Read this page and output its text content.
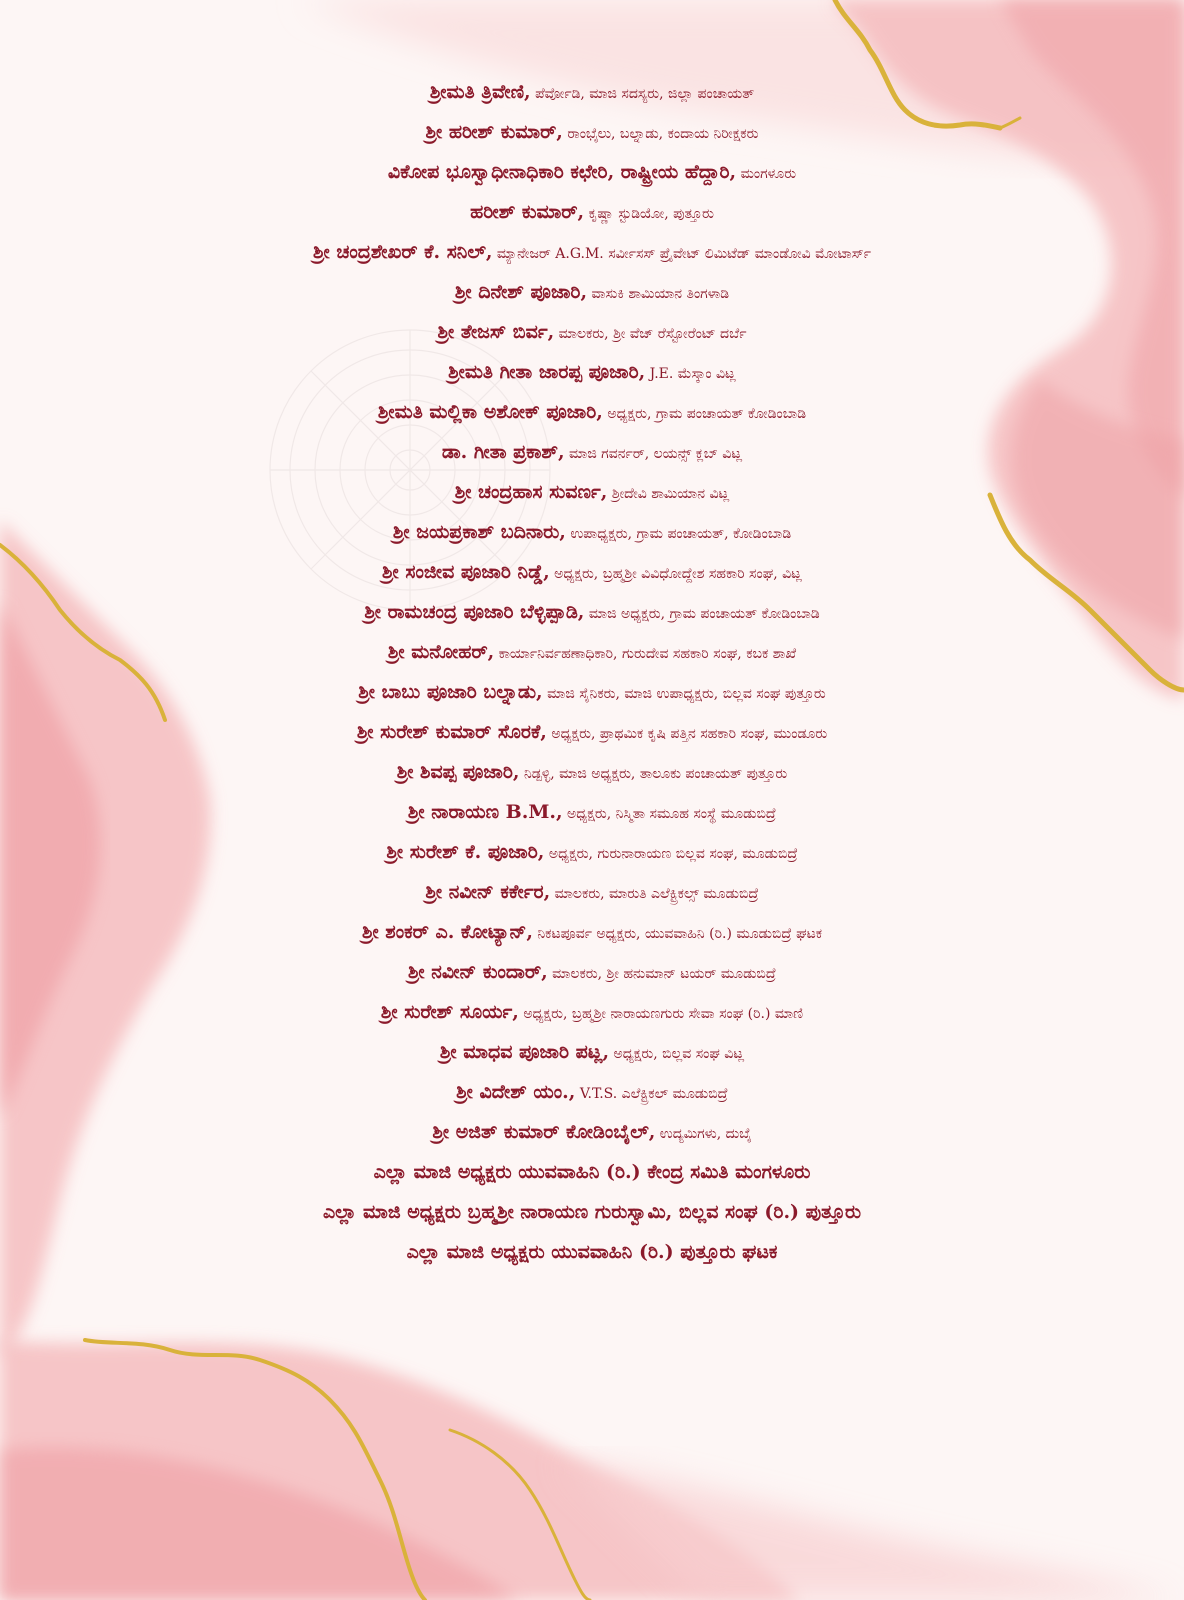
ಶ್ರೀಮತಿ ತ್ರಿವೇಣಿ, ಪೆರ್ವೋಡಿ, ಮಾಜಿ ಸದಸ್ಯರು, ಜಿಲ್ಲಾ ಪಂಚಾಯತ್
ಶ್ರೀ ಹರೀಶ್ ಕುಮಾರ್, ರಾಂಭೈಲು, ಬಲ್ನಾಡು, ಕಂದಾಯ ನಿರೀಕ್ಷಕರು
ವಿಕೋಪ ಭೂಸ್ವಾಧೀನಾಧಿಕಾರಿ ಕಛೇರಿ, ರಾಷ್ಟ್ರೀಯ ಹೆದ್ದಾರಿ, ಮಂಗಳೂರು
ಹರೀಶ್ ಕುಮಾರ್, ಕೃಷ್ಣಾ ಸ್ಟುಡಿಯೋ, ಪುತ್ತೂರು
ಶ್ರೀ ಚಂದ್ರಶೇಖರ್ ಕೆ. ಸನಿಲ್, ಮ್ಯಾನೇಜರ್ A.G.M. ಸರ್ವೀಸಸ್ ಪ್ರೈವೇಟ್ ಲಿಮಿಟೆಡ್ ಮಾಂಡೋವಿ ಮೋಟಾರ್ಸ್
ಶ್ರೀ ದಿನೇಶ್ ಪೂಜಾರಿ, ವಾಸುಕಿ ಶಾಮಿಯಾನ ತಿಂಗಳಾಡಿ
ಶ್ರೀ ತೇಜಸ್ ಬಿರ್ವ, ಮಾಲಕರು, ಶ್ರೀ ವೆಜ್ ರೆಸ್ಟೋರೆಂಟ್ ದರ್ಬೆ
ಶ್ರೀಮತಿ ಗೀತಾ ಜಾರಪ್ಪ ಪೂಜಾರಿ, J.E. ಮೆಸ್ಕಾಂ ವಿಟ್ಲ
ಶ್ರೀಮತಿ ಮಲ್ಲಿಕಾ ಅಶೋಕ್ ಪೂಜಾರಿ, ಅಧ್ಯಕ್ಷರು, ಗ್ರಾಮ ಪಂಚಾಯತ್ ಕೋಡಿಂಬಾಡಿ
ಡಾ. ಗೀತಾ ಪ್ರಕಾಶ್, ಮಾಜಿ ಗವರ್ನರ್, ಲಯನ್ಸ್ ಕ್ಲಬ್ ವಿಟ್ಲ
ಶ್ರೀ ಚಂದ್ರಹಾಸ ಸುವರ್ಣ, ಶ್ರೀದೇವಿ ಶಾಮಿಯಾನ ವಿಟ್ಲ
ಶ್ರೀ ಜಯಪ್ರಕಾಶ್ ಬದಿನಾರು, ಉಪಾಧ್ಯಕ್ಷರು, ಗ್ರಾಮ ಪಂಚಾಯತ್, ಕೋಡಿಂಬಾಡಿ
ಶ್ರೀ ಸಂಜೀವ ಪೂಜಾರಿ ನಿಡ್ಡೆ, ಅಧ್ಯಕ್ಷರು, ಬ್ರಹ್ಮಶ್ರೀ ವಿವಿಧೋದ್ದೇಶ ಸಹಕಾರಿ ಸಂಘ, ವಿಟ್ಲ
ಶ್ರೀ ರಾಮಚಂದ್ರ ಪೂಜಾರಿ ಬೆಳ್ಳಿಪ್ಪಾಡಿ, ಮಾಜಿ ಅಧ್ಯಕ್ಷರು, ಗ್ರಾಮ ಪಂಚಾಯತ್ ಕೋಡಿಂಬಾಡಿ
ಶ್ರೀ ಮನೋಹರ್, ಕಾರ್ಯಾನಿರ್ವಹಣಾಧಿಕಾರಿ, ಗುರುದೇವ ಸಹಕಾರಿ ಸಂಘ, ಕಬಕ ಶಾಖೆ
ಶ್ರೀ ಬಾಬು ಪೂಜಾರಿ ಬಲ್ನಾಡು, ಮಾಜಿ ಸೈನಿಕರು, ಮಾಜಿ ಉಪಾಧ್ಯಕ್ಷರು, ಬಿಲ್ಲವ ಸಂಘ ಪುತ್ತೂರು
ಶ್ರೀ ಸುರೇಶ್ ಕುಮಾರ್ ಸೊರಕೆ, ಅಧ್ಯಕ್ಷರು, ಪ್ರಾಥಮಿಕ ಕೃಷಿ ಪತ್ತಿನ ಸಹಕಾರಿ ಸಂಘ, ಮುಂಡೂರು
ಶ್ರೀ ಶಿವಪ್ಪ ಪೂಜಾರಿ, ನಿಡ್ಪಳ್ಳಿ, ಮಾಜಿ ಅಧ್ಯಕ್ಷರು, ತಾಲೂಕು ಪಂಚಾಯತ್ ಪುತ್ತೂರು
ಶ್ರೀ ನಾರಾಯಣ B.M., ಅಧ್ಯಕ್ಷರು, ನಿಸ್ಮಿತಾ ಸಮೂಹ ಸಂಸ್ಥೆ ಮೂಡುಬಿದ್ರೆ
ಶ್ರೀ ಸುರೇಶ್ ಕೆ. ಪೂಜಾರಿ, ಅಧ್ಯಕ್ಷರು, ಗುರುನಾರಾಯಣ ಬಿಲ್ಲವ ಸಂಘ, ಮೂಡುಬಿದ್ರೆ
ಶ್ರೀ ನವೀನ್ ಕರ್ಕೇರ, ಮಾಲಕರು, ಮಾರುತಿ ಎಲೆಕ್ಟ್ರಿಕಲ್ಸ್ ಮೂಡುಬಿದ್ರೆ
ಶ್ರೀ ಶಂಕರ್ ಎ. ಕೋಟ್ಯಾನ್, ನಿಕಟಪೂರ್ವ ಅಧ್ಯಕ್ಷರು, ಯುವವಾಹಿನಿ (ರಿ.) ಮೂಡುಬಿದ್ರೆ ಘಟಕ
ಶ್ರೀ ನವೀನ್ ಕುಂದಾರ್, ಮಾಲಕರು, ಶ್ರೀ ಹನುಮಾನ್ ಟಯರ್ ಮೂಡುಬಿದ್ರೆ
ಶ್ರೀ ಸುರೇಶ್ ಸೂರ್ಯ, ಅಧ್ಯಕ್ಷರು, ಬ್ರಹ್ಮಶ್ರೀ ನಾರಾಯಣಗುರು ಸೇವಾ ಸಂಘ (ರಿ.) ಮಾಣಿ
ಶ್ರೀ ಮಾಧವ ಪೂಜಾರಿ ಪಟ್ಲ, ಅಧ್ಯಕ್ಷರು, ಬಿಲ್ಲವ ಸಂಘ ವಿಟ್ಲ
ಶ್ರೀ ವಿದೇಶ್ ಯಂ., V.T.S. ಎಲೆಕ್ಟ್ರಿಕಲ್ ಮೂಡುಬಿದ್ರೆ
ಶ್ರೀ ಅಜಿತ್ ಕುಮಾರ್ ಕೋಡಿಂಬೈಲ್, ಉದ್ಯಮಿಗಳು, ದುಬೈ
ಎಲ್ಲಾ ಮಾಜಿ ಅಧ್ಯಕ್ಷರು ಯುವವಾಹಿನಿ (ರಿ.) ಕೇಂದ್ರ ಸಮಿತಿ ಮಂಗಳೂರು
ಎಲ್ಲಾ ಮಾಜಿ ಅಧ್ಯಕ್ಷರು ಬ್ರಹ್ಮಶ್ರೀ ನಾರಾಯಣ ಗುರುಸ್ವಾಮಿ, ಬಿಲ್ಲವ ಸಂಘ (ರಿ.) ಪುತ್ತೂರು
ಎಲ್ಲಾ ಮಾಜಿ ಅಧ್ಯಕ್ಷರು ಯುವವಾಹಿನಿ (ರಿ.) ಪುತ್ತೂರು ಘಟಕ
